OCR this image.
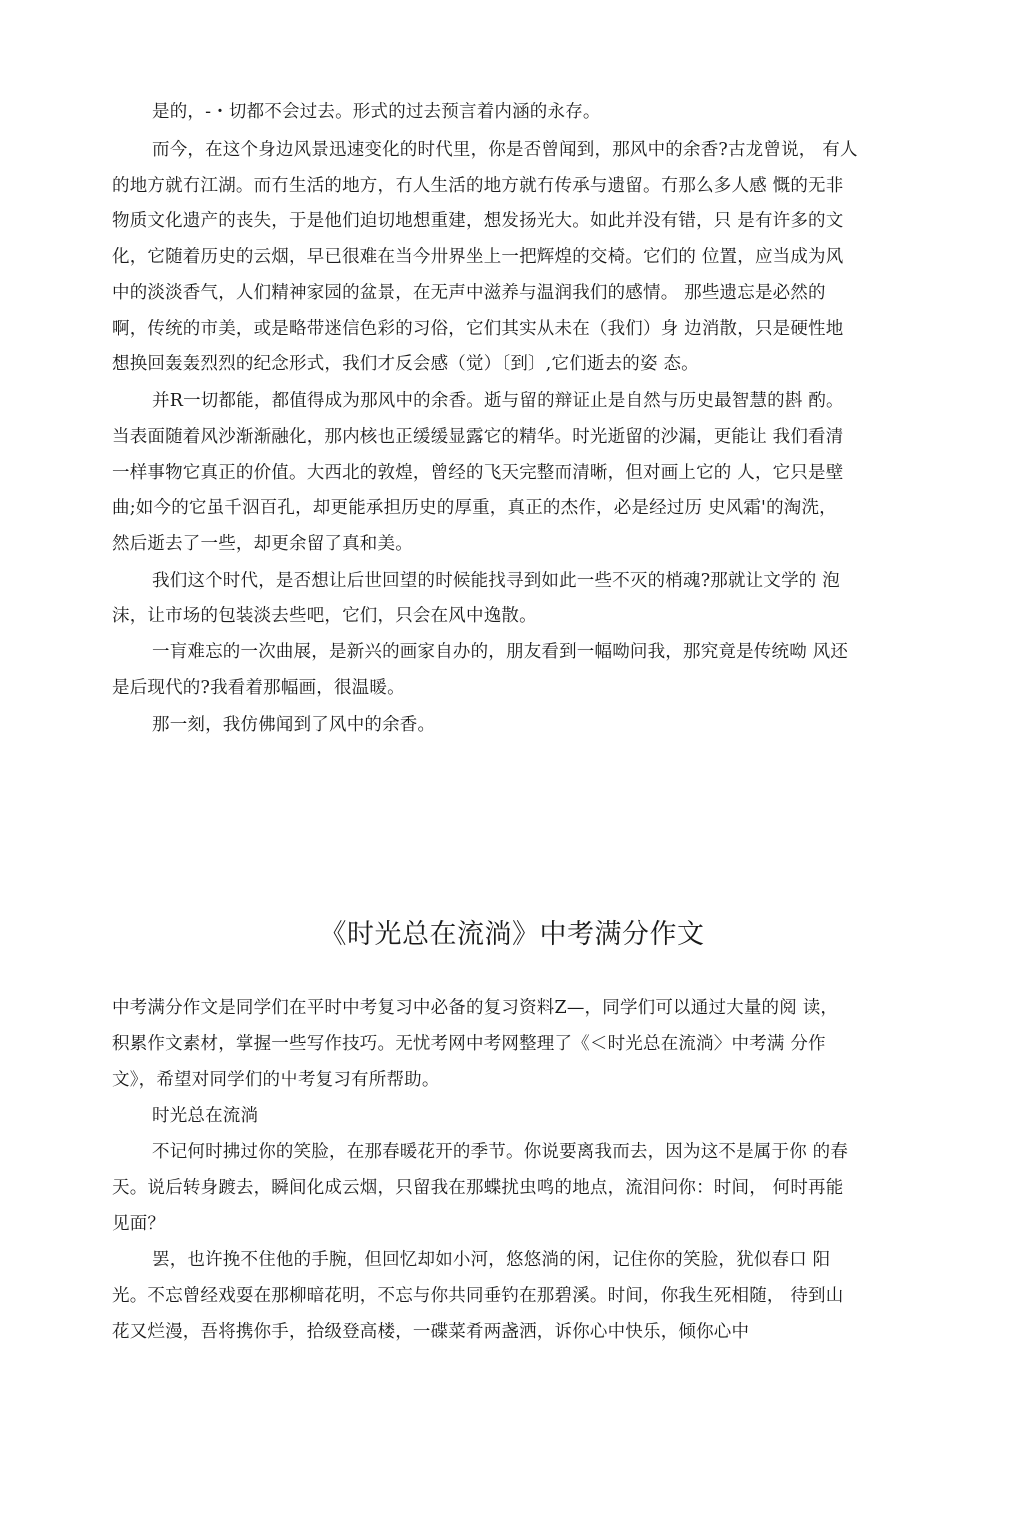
是的，-・切都不会过去。形式的过去预言着内涵的永存。
而今，在这个身边风景迅速变化的时代里，你是否曾闻到，那风中的余香?古龙曾说， 有人
的地方就冇江湖。而冇生活的地方，冇人生活的地方就冇传承与遗留。冇那么多人感 慨的无非
物质文化遗产的丧失，于是他们迫切地想重建，想发扬光大。如此并没有错，只 是有许多的文
化，它随着历史的云烟，早已很难在当今卅界坐上一把辉煌的交椅。它们的 位置，应当成为风
中的淡淡香气，人们精神家园的盆景，在无声中滋养与温润我们的感情。 那些遗忘是必然的
啊，传统的市美，或是略带迷信色彩的习俗，它们其实从未在（我们）身 边消散，只是硬性地
想换回轰轰烈烈的纪念形式，我们才反会感（觉）〔到〕,它们逝去的姿 态。
并R一切都能，都值得成为那风中的余香。逝与留的辩证止是自然与历史最智慧的斟 酌。
当表面随着风沙渐渐融化，那内核也正缓缓显露它的精华。时光逝留的沙漏，更能让 我们看清
一样事物它真正的价值。大西北的敦煌，曾经的飞天完整而清晰，但对画上它的 人，它只是壁
曲;如今的它虽千泅百孔，却更能承担历史的厚重，真正的杰作，必是经过历 史风霜'的淘洗，
然后逝去了一些，却更余留了真和美。
我们这个时代，是否想让后世回望的时候能找寻到如此一些不灭的梢魂?那就让文学的 泡
沫，让市场的包装淡去些吧，它们，只会在风中逸散。
一肓难忘的一次曲展，是新兴的画家自办的，朋友看到一幅呦问我，那究竟是传统呦 风还
是后现代的?我看着那幅画，很温暖。
那一刻，我仿佛闻到了风中的余香。
《时光总在流淌》中考满分作文
中考满分作文是同学们在平时中考复习中必备的复习资料Z—，同学们可以通过大量的阅 读，
积累作文素材，掌握一些写作技巧。无忧考网中考网整理了《＜时光总在流淌〉中考满 分作
文》，希望对同学们的屮考复习有所帮助。
时光总在流淌
不记何时拂过你的笑脸，在那春暖花开的季节。你说要离我而去，因为这不是属于你 的春
天。说后转身踱去，瞬间化成云烟，只留我在那蝶扰虫鸣的地点，流泪问你：时间， 何时再能
见面？
罢，也许挽不住他的手腕，但回忆却如小河，悠悠淌的闲，记住你的笑脸，犹似春口 阳
光。不忘曾经戏耍在那柳暗花明，不忘与你共同垂钓在那碧溪。时间，你我生死相随， 待到山
花又烂漫，吾将携你手，拾级登高楼，一碟菜肴两盏洒，诉你心中快乐，倾你心中
